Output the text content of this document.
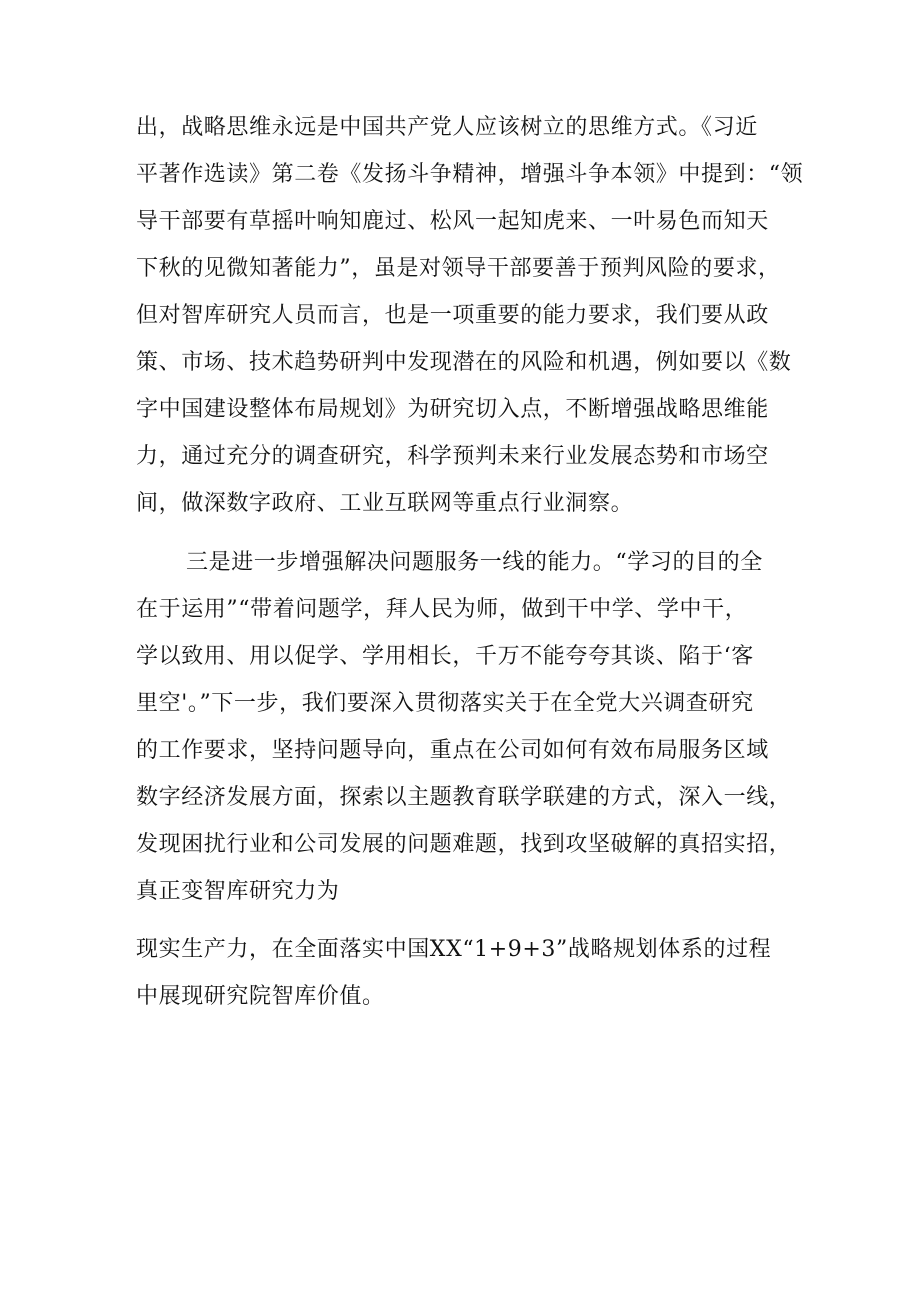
出，战略思维永远是中国共产党人应该树立的思维方式。《习近

平著作选读》第二卷《发扬斗争精神，增强斗争本领》中提到：“领

导干部要有草摇叶响知鹿过、松风一起知虎来、一叶易色而知天

下秋的见微知著能力”，虽是对领导干部要善于预判风险的要求，

但对智库研究人员而言，也是一项重要的能力要求，我们要从政

策、市场、技术趋势研判中发现潜在的风险和机遇，例如要以《数

字中国建设整体布局规划》为研究切入点，不断增强战略思维能

力，通过充分的调查研究，科学预判未来行业发展态势和市场空

间，做深数字政府、工业互联网等重点行业洞察。

三是进一步增强解决问题服务一线的能力。“学习的目的全

在于运用”“带着问题学，拜人民为师，做到干中学、学中干，

学以致用、用以促学、学用相长，千万不能夸夸其谈、陷于‘客

里空'。”下一步，我们要深入贯彻落实关于在全党大兴调查研究

的工作要求，坚持问题导向，重点在公司如何有效布局服务区域

数字经济发展方面，探索以主题教育联学联建的方式，深入一线，

发现困扰行业和公司发展的问题难题，找到攻坚破解的真招实招，

真正变智库研究力为

现实生产力，在全面落实中国XX“1+9+3”战略规划体系的过程

中展现研究院智库价值。
